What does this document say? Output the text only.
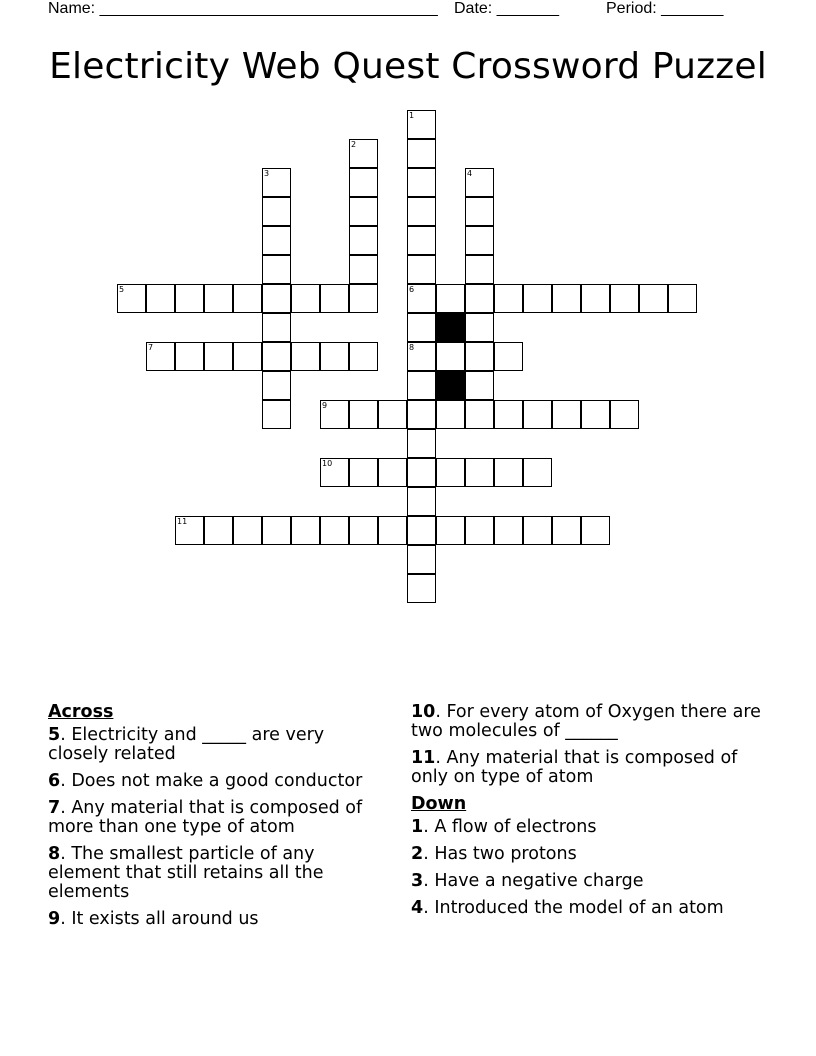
Name: ______________________________________ Date: _______	Period: _______
Electricity Web Quest Crossword Puzzel
1
6
8
2
3	4
5
7
9
10
11
Across
5. Electricity and _____ are very closely related
6. Does not make a good conductor
7. Any material that is composed of more than one type of atom
8. The smallest particle of any element that still retains all the elements
9. It exists all around us
10. For every atom of Oxygen there are two molecules of ______
11. Any material that is composed of only on type of atom
Down
1. A flow of electrons
2. Has two protons
3. Have a negative charge
4. Introduced the model of an atom
